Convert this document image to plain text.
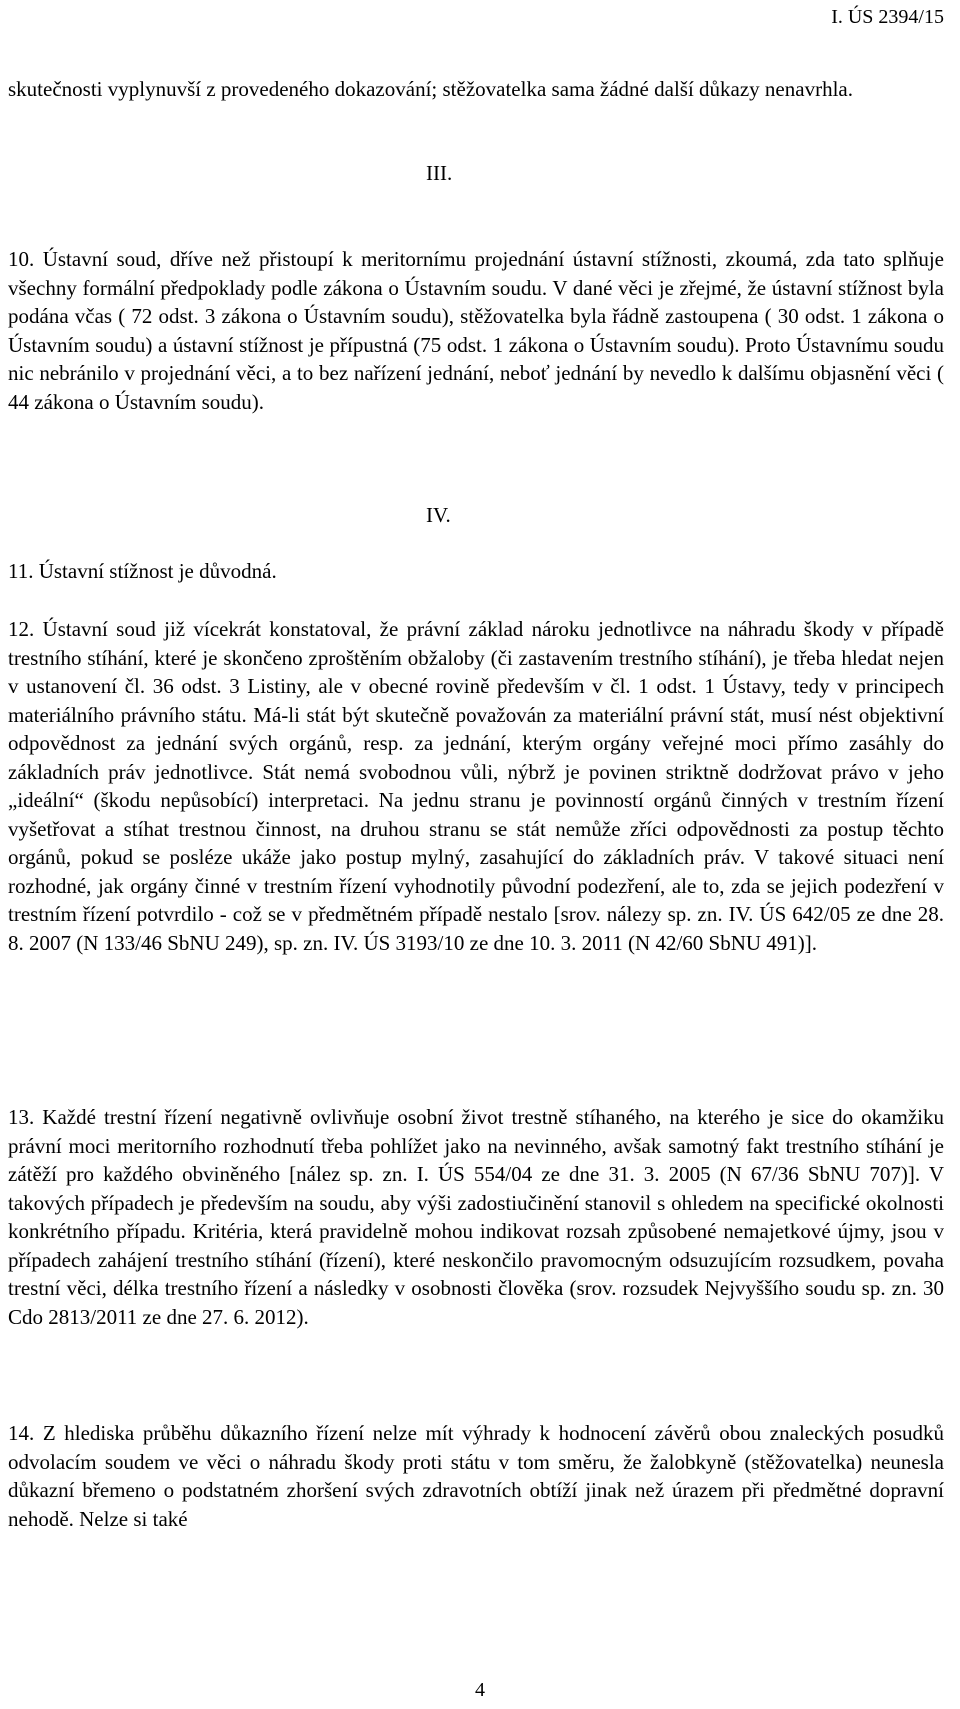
I. ÚS 2394/15

skutečnosti vyplynuvší z provedeného dokazování; stěžovatelka sama žádné další důkazy nenavrhla.

III.

10. Ústavní soud, dříve než přistoupí k meritornímu projednání ústavní stížnosti, zkoumá, zda tato splňuje všechny formální předpoklady podle zákona o Ústavním soudu. V dané věci je zřejmé, že ústavní stížnost byla podána včas ( 72 odst. 3 zákona o Ústavním soudu), stěžovatelka byla řádně zastoupena ( 30 odst. 1 zákona o Ústavním soudu) a ústavní stížnost je přípustná (75 odst. 1 zákona o Ústavním soudu). Proto Ústavnímu soudu nic nebránilo v projednání věci, a to bez nařízení jednání, neboť jednání by nevedlo k dalšímu objasnění věci ( 44 zákona o Ústavním soudu).

IV.

11. Ústavní stížnost je důvodná.

12. Ústavní soud již vícekrát konstatoval, že právní základ nároku jednotlivce na náhradu škody v případě trestního stíhání, které je skončeno zproštěním obžaloby (či zastavením trestního stíhání), je třeba hledat nejen v ustanovení čl. 36 odst. 3 Listiny, ale v obecné rovině především v čl. 1 odst. 1 Ústavy, tedy v principech materiálního právního státu. Má-li stát být skutečně považován za materiální právní stát, musí nést objektivní odpovědnost za jednání svých orgánů, resp. za jednání, kterým orgány veřejné moci přímo zasáhly do základních práv jednotlivce. Stát nemá svobodnou vůli, nýbrž je povinen striktně dodržovat právo v jeho „ideální“ (škodu nepůsobící) interpretaci. Na jednu stranu je povinností orgánů činných v trestním řízení vyšetřovat a stíhat trestnou činnost, na druhou stranu se stát nemůže zříci odpovědnosti za postup těchto orgánů, pokud se posléze ukáže jako postup mylný, zasahující do základních práv. V takové situaci není rozhodné, jak orgány činné v trestním řízení vyhodnotily původní podezření, ale to, zda se jejich podezření v trestním řízení potvrdilo - což se v předmětném případě nestalo [srov. nálezy sp. zn. IV. ÚS 642/05 ze dne 28. 8. 2007 (N 133/46 SbNU 249), sp. zn. IV. ÚS 3193/10 ze dne 10. 3. 2011 (N 42/60 SbNU 491)].

13. Každé trestní řízení negativně ovlivňuje osobní život trestně stíhaného, na kterého je sice do okamžiku právní moci meritorního rozhodnutí třeba pohlížet jako na nevinného, avšak samotný fakt trestního stíhání je zátěží pro každého obviněného [nález sp. zn. I. ÚS 554/04 ze dne 31. 3. 2005 (N 67/36 SbNU 707)]. V takových případech je především na soudu, aby výši zadostiučinění stanovil s ohledem na specifické okolnosti konkrétního případu. Kritéria, která pravidelně mohou indikovat rozsah způsobené nemajetkové újmy, jsou v případech zahájení trestního stíhání (řízení), které neskončilo pravomocným odsuzujícím rozsudkem, povaha trestní věci, délka trestního řízení a následky v osobnosti člověka (srov. rozsudek Nejvyššího soudu sp. zn. 30 Cdo 2813/2011 ze dne 27. 6. 2012).

14. Z hlediska průběhu důkazního řízení nelze mít výhrady k hodnocení závěrů obou znaleckých posudků odvolacím soudem ve věci o náhradu škody proti státu v tom směru, že žalobkyně (stěžovatelka) neunesla důkazní břemeno o podstatném zhoršení svých zdravotních obtíží jinak než úrazem při předmětné dopravní nehodě. Nelze si také

4
